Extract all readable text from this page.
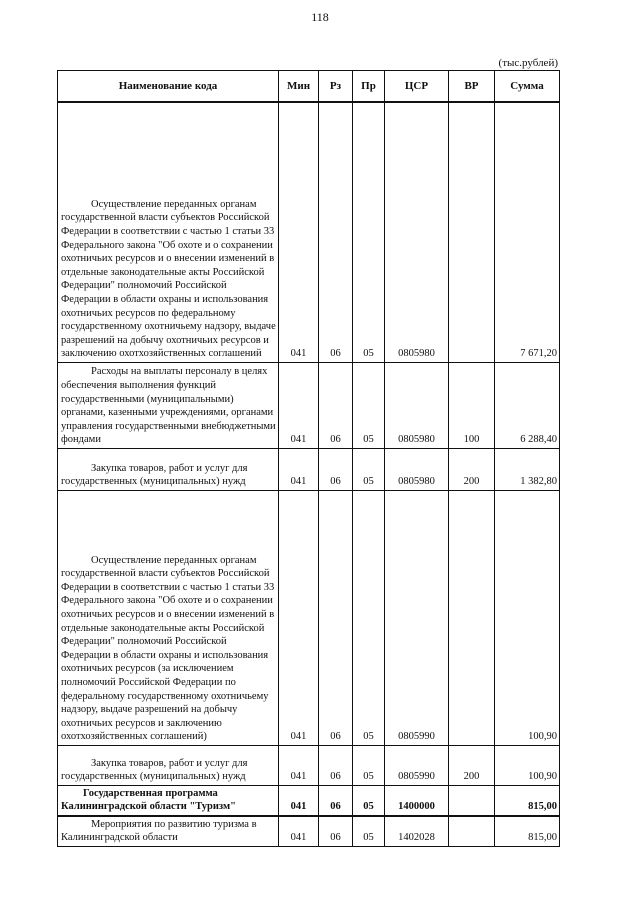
118
(тыс.рублей)
Наименование кода	Мин	Рз	Пр	ЦСР	ВР	Сумма

Осуществление переданных органам государственной власти субъектов Российской Федерации в соответствии с частью 1 статьи 33 Федерального закона "Об охоте и о сохранении охотничьих ресурсов и о внесении изменений в отдельные законодательные акты Российской Федерации" полномочий Российской Федерации в области охраны и использования охотничьих ресурсов по федеральному государственному охотничьему надзору, выдаче разрешений на добычу охотничьих ресурсов и заключению охотхозяйственных соглашений	041	06	05	0805980		7 671,20
Расходы на выплаты персоналу в целях обеспечения выполнения функций государственными (муниципальными) органами, казенными учреждениями, органами управления государственными внебюджетными фондами	041	06	05	0805980	100	6 288,40
Закупка товаров, работ и услуг для государственных (муниципальных) нужд	041	06	05	0805980	200	1 382,80

Осуществление переданных органам государственной власти субъектов Российской Федерации в соответствии с частью 1 статьи 33 Федерального закона "Об охоте и о сохранении охотничьих ресурсов и о внесении изменений в отдельные законодательные акты Российской Федерации" полномочий Российской Федерации в области охраны и использования охотничьих ресурсов (за исключением полномочий Российской Федерации по федеральному государственному охотничьему надзору, выдаче разрешений на добычу охотничьих ресурсов и заключению охотхозяйственных соглашений)	041	06	05	0805990		100,90
Закупка товаров, работ и услуг для государственных (муниципальных) нужд	041	06	05	0805990	200	100,90
Государственная программа Калининградской области "Туризм"	041	06	05	1400000		815,00
Мероприятия по развитию туризма в Калининградской области	041	06	05	1402028		815,00
